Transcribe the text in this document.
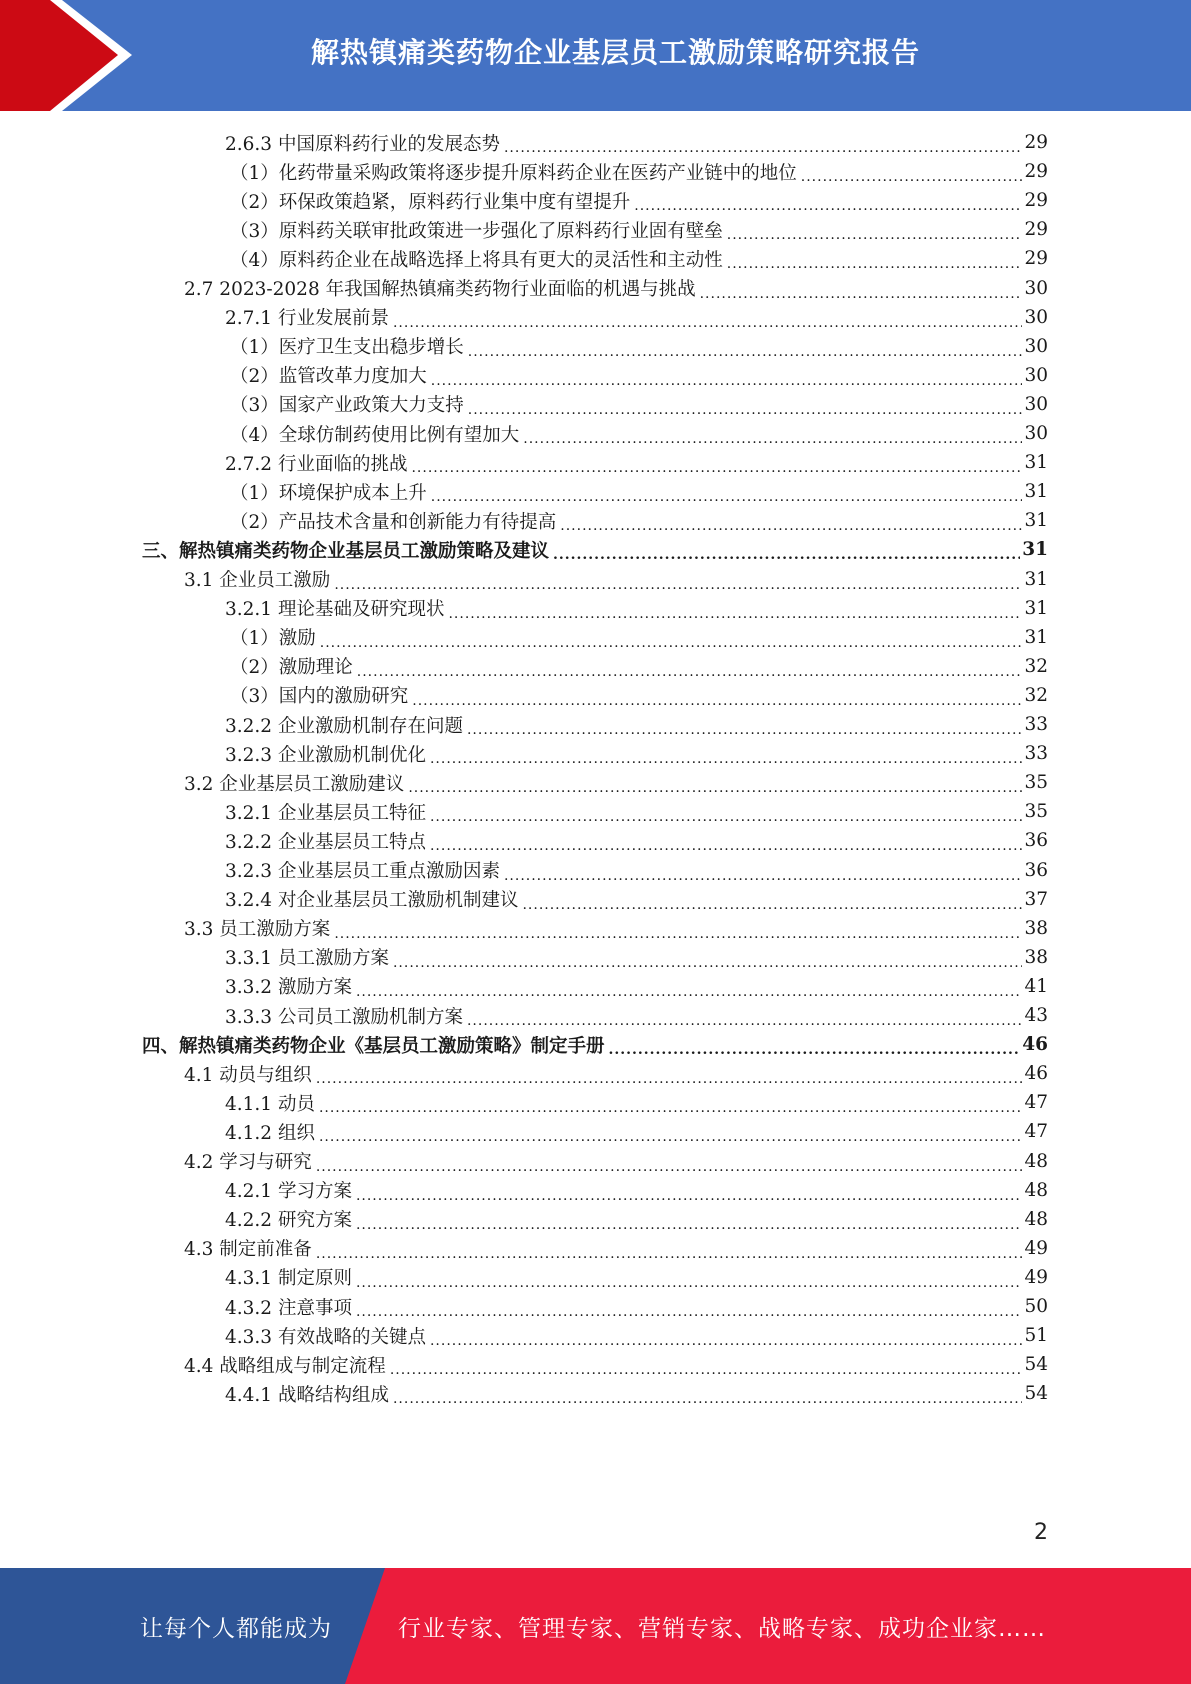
解热镇痛类药物企业基层员工激励策略研究报告
2.6.3 中国原料药行业的发展态势 .....	29
（1）化药带量采购政策将逐步提升原料药企业在医药产业链中的地位 .....	29
（2）环保政策趋紧，原料药行业集中度有望提升 .....	29
（3）原料药关联审批政策进一步强化了原料药行业固有壁垒 .....	29
（4）原料药企业在战略选择上将具有更大的灵活性和主动性 .....	29
2.7 2023-2028 年我国解热镇痛类药物行业面临的机遇与挑战 .....	30
2.7.1 行业发展前景 .....	30
（1）医疗卫生支出稳步增长 .....	30
（2）监管改革力度加大 .....	30
（3）国家产业政策大力支持 .....	30
（4）全球仿制药使用比例有望加大 .....	30
2.7.2 行业面临的挑战 .....	31
（1）环境保护成本上升 .....	31
（2）产品技术含量和创新能力有待提高 .....	31
三、解热镇痛类药物企业基层员工激励策略及建议 .....	31
3.1 企业员工激励 .....	31
3.2.1 理论基础及研究现状 .....	31
（1）激励 .....	31
（2）激励理论 .....	32
（3）国内的激励研究 .....	32
3.2.2 企业激励机制存在问题 .....	33
3.2.3 企业激励机制优化 .....	33
3.2 企业基层员工激励建议 .....	35
3.2.1 企业基层员工特征 .....	35
3.2.2 企业基层员工特点 .....	36
3.2.3 企业基层员工重点激励因素 .....	36
3.2.4 对企业基层员工激励机制建议 .....	37
3.3 员工激励方案 .....	38
3.3.1 员工激励方案 .....	38
3.3.2 激励方案 .....	41
3.3.3 公司员工激励机制方案 .....	43
四、解热镇痛类药物企业《基层员工激励策略》制定手册 .....	46
4.1 动员与组织 .....	46
4.1.1 动员 .....	47
4.1.2 组织 .....	47
4.2 学习与研究 .....	48
4.2.1 学习方案 .....	48
4.2.2 研究方案 .....	48
4.3 制定前准备 .....	49
4.3.1 制定原则 .....	49
4.3.2 注意事项 .....	50
4.3.3 有效战略的关键点 .....	51
4.4 战略组成与制定流程 .....	54
4.4.1 战略结构组成 .....	54
2
让每个人都能成为	行业专家、管理专家、营销专家、战略专家、成功企业家……
